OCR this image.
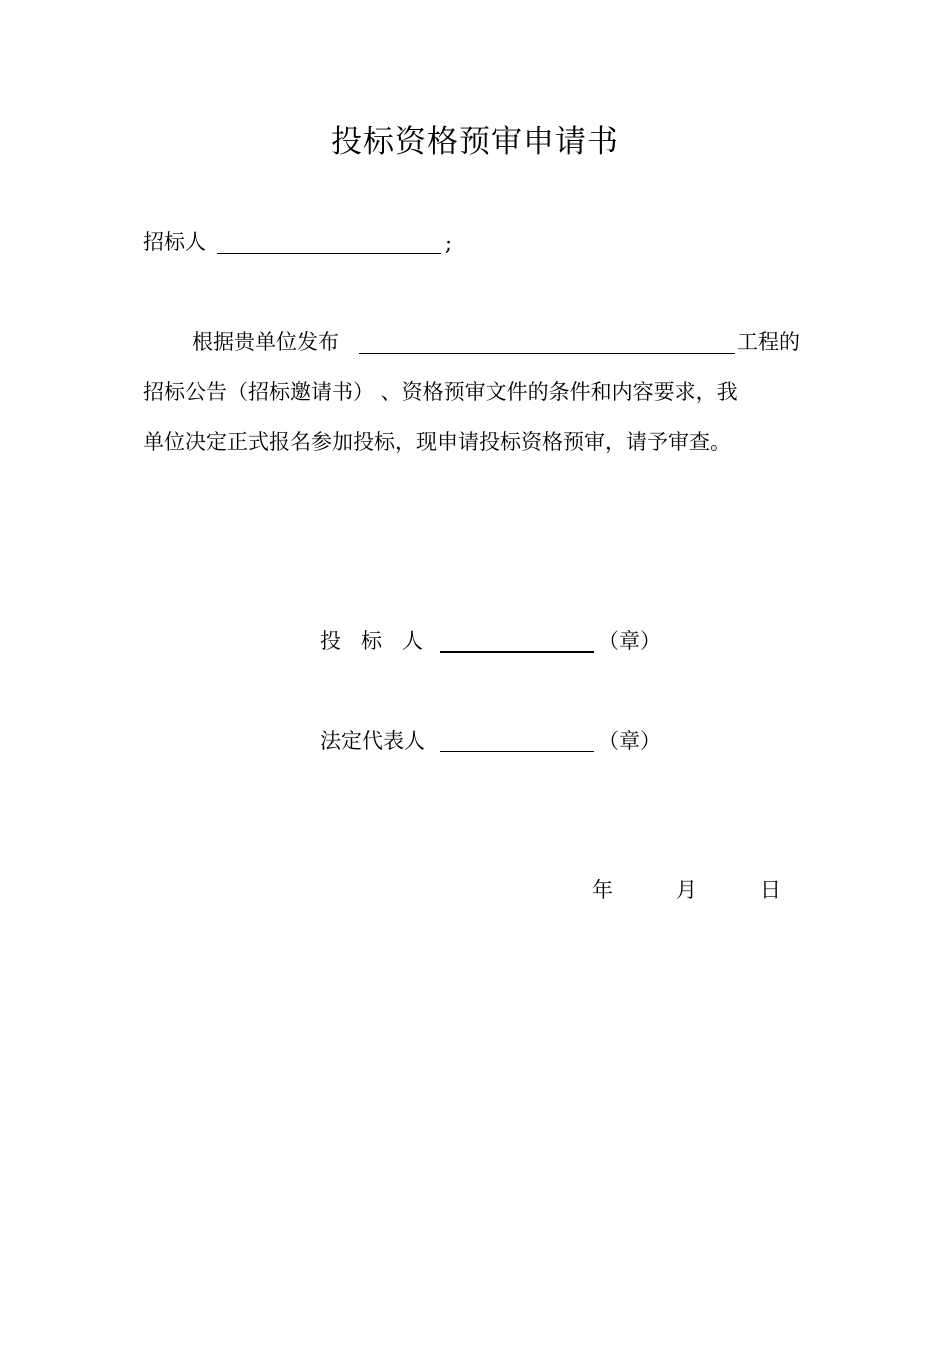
投标资格预审申请书
招标人	;
根据贵单位发布	工程的
招标公告（招标邀请书） 、资格预审文件的条件和内容要求，我
单位决定正式报名参加投标，现申请投标资格预审，请予审查。
投   标   人	（章）
法定代表人	（章）
年	月	日
